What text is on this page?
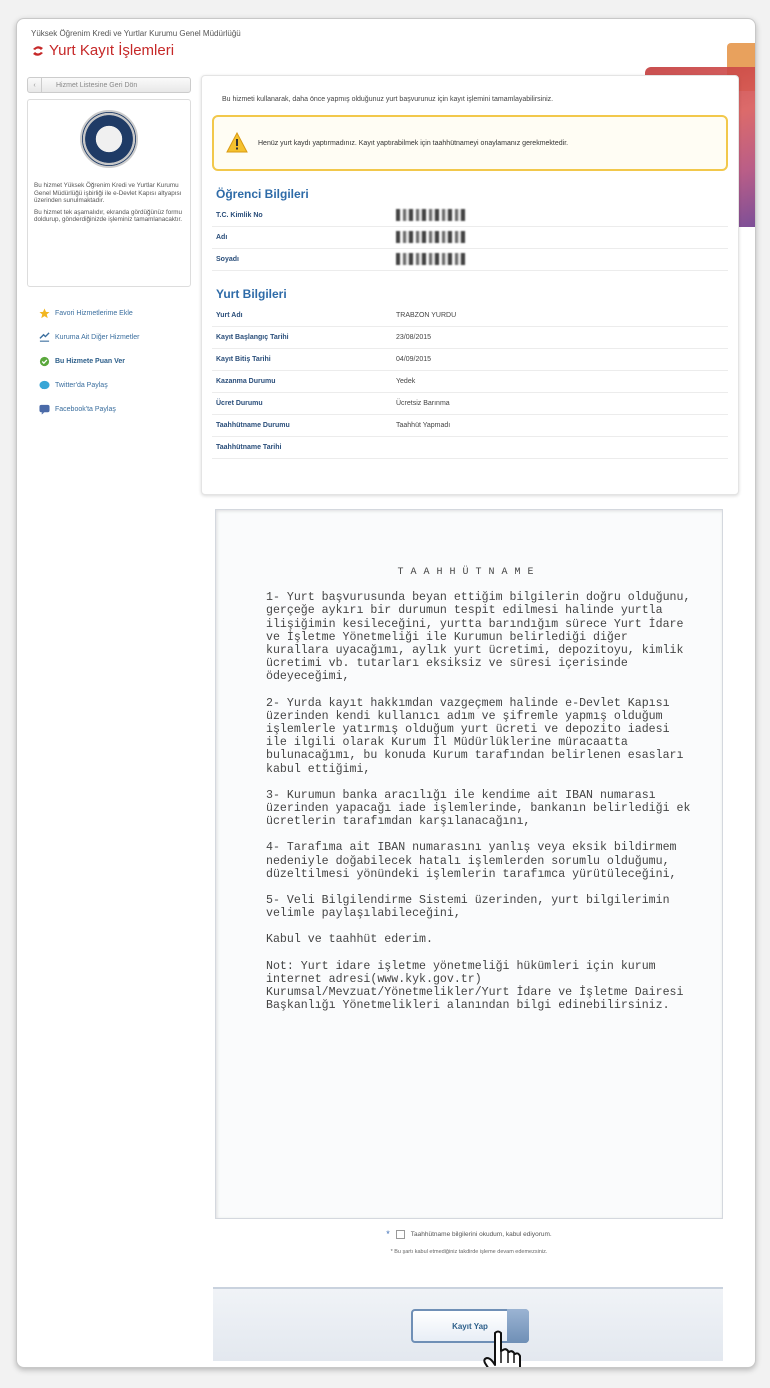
Yüksek Öğrenim Kredi ve Yurtlar Kurumu Genel Müdürlüğü
Yurt Kayıt İşlemleri
‹	Hizmet Listesine Geri Dön

Bu hizmet Yüksek Öğrenim Kredi ve Yurtlar Kurumu Genel Müdürlüğü işbirliği ile e-Devlet Kapısı altyapısı üzerinden sunulmaktadır.

Bu hizmet tek aşamalıdır, ekranda gördüğünüz formu doldurup, gönderdiğinizde işleminiz tamamlanacaktır.

Favori Hizmetlerime Ekle
Kuruma Ait Diğer Hizmetler
Bu Hizmete Puan Ver
Twitter'da Paylaş
Facebook'ta Paylaş
Bu hizmeti kullanarak, daha önce yapmış olduğunuz yurt başvurunuz için kayıt işlemini tamamlayabilirsiniz.
Henüz yurt kaydı yaptırmadınız. Kayıt yaptırabilmek için taahhütnameyi onaylamanız gerekmektedir.
Öğrenci Bilgileri
T.C. Kimlik No
Adı
Soyadı
Yurt Bilgileri
Yurt Adı	TRABZON YURDU
Kayıt Başlangıç Tarihi	23/08/2015
Kayıt Bitiş Tarihi	04/09/2015
Kazanma Durumu	Yedek
Ücret Durumu	Ücretsiz Barınma
Taahhütname Durumu	Taahhüt Yapmadı
Taahhütname Tarihi
TAAHHÜTNAME

1- Yurt başvurusunda beyan ettiğim bilgilerin doğru olduğunu, gerçeğe aykırı bir durumun tespit edilmesi halinde yurtla ilişiğimin kesileceğini, yurtta barındığım sürece Yurt İdare ve İşletme Yönetmeliği ile Kurumun belirlediği diğer kurallara uyacağımı, aylık yurt ücretimi, depozitoyu, kimlik ücretimi vb. tutarları eksiksiz ve süresi içerisinde ödeyeceğimi,

2- Yurda kayıt hakkımdan vazgeçmem halinde e-Devlet Kapısı üzerinden kendi kullanıcı adım ve şifremle yapmış olduğum işlemlerle yatırmış olduğum yurt ücreti ve depozito iadesi ile ilgili olarak Kurum İl Müdürlüklerine müracaatta bulunacağımı, bu konuda Kurum tarafından belirlenen esasları kabul ettiğimi,

3- Kurumun banka aracılığı ile kendime ait IBAN numarası üzerinden yapacağı iade işlemlerinde, bankanın belirlediği ek ücretlerin tarafımdan karşılanacağını,

4- Tarafıma ait IBAN numarasını yanlış veya eksik bildirmem nedeniyle doğabilecek hatalı işlemlerden sorumlu olduğumu, düzeltilmesi yönündeki işlemlerin tarafımca yürütüleceğini,

5- Veli Bilgilendirme Sistemi üzerinden, yurt bilgilerimin velimle paylaşılabileceğini,

Kabul ve taahhüt ederim.

Not: Yurt idare işletme yönetmeliği hükümleri için kurum internet adresi(www.kyk.gov.tr) Kurumsal/Mevzuat/Yönetmelikler/Yurt İdare ve İşletme Dairesi Başkanlığı Yönetmelikleri alanından bilgi edinebilirsiniz.

*	Taahhütname bilgilerini okudum, kabul ediyorum.
* Bu şartı kabul etmediğiniz takdirde işleme devam edemezsiniz.
Kayıt Yap
